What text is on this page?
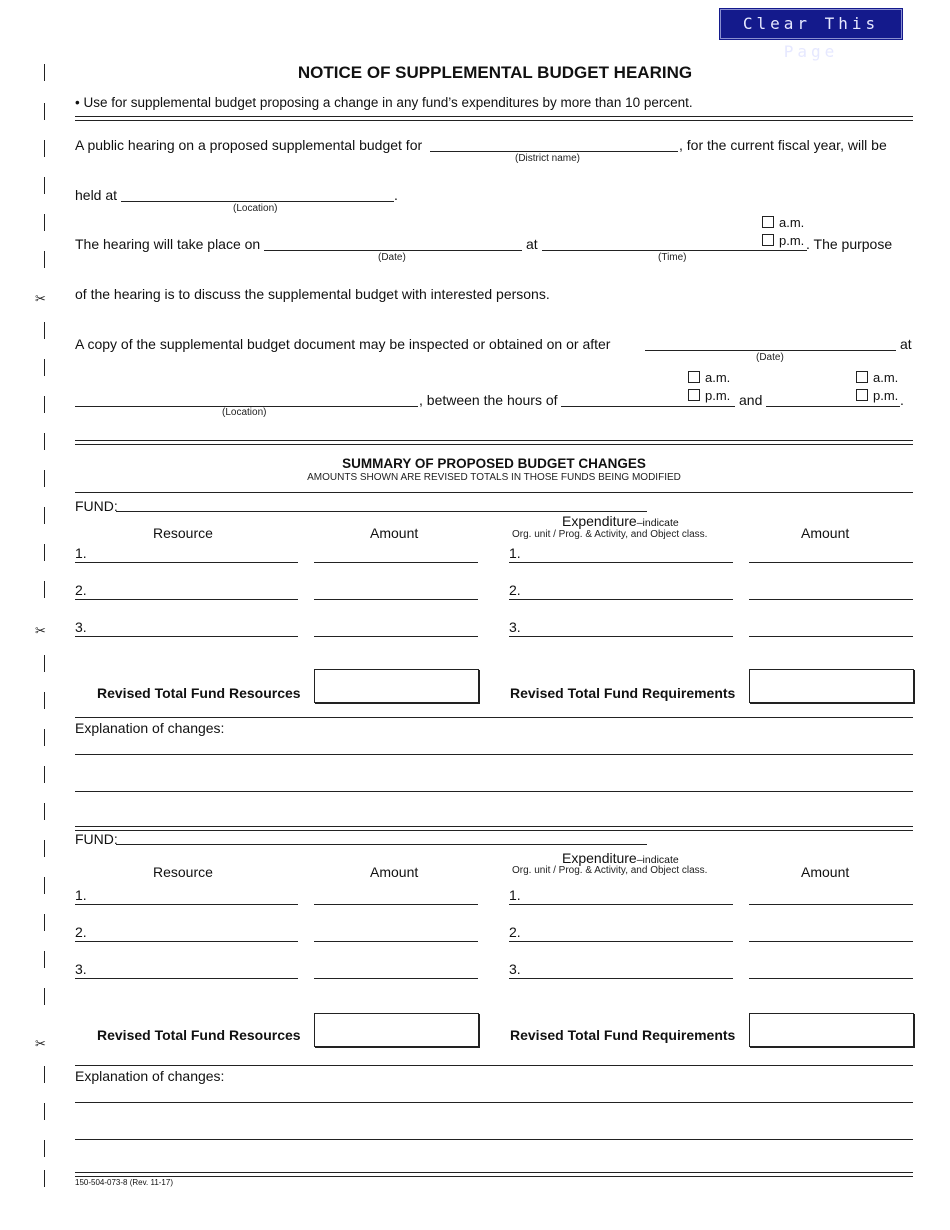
✂
✂
✂
Clear This Page
NOTICE OF SUPPLEMENTAL BUDGET HEARING
• Use for supplemental budget proposing a change in any fund’s expenditures by more than 10 percent.
A public hearing on a proposed supplemental budget for
(District name)
, for the current fiscal year, will be
held at	.
(Location)
a.m.
p.m.
The hearing will take place on
(Date)
at
(Time)
. The purpose
of the hearing is to discuss the supplemental budget with interested persons.
A copy of the supplemental budget document may be inspected or obtained on or after
(Date)
at
a.m.
p.m.
a.m.
p.m.
(Location)
, between the hours of	and	.
SUMMARY OF PROPOSED BUDGET CHANGES
AMOUNTS SHOWN ARE REVISED TOTALS IN THOSE FUNDS BEING MODIFIED
FUND:
Resource	Amount
Expenditure–indicate
Org. unit / Prog. & Activity, and Object class.	Amount
1.	1.
2.	2.
3.	3.
Revised Total Fund Resources	Revised Total Fund Requirements
Explanation of changes:
FUND:
Resource	Amount
Expenditure–indicate
Org. unit / Prog. & Activity, and Object class.	Amount
1.	1.
2.	2.
3.	3.
Revised Total Fund Resources	Revised Total Fund Requirements
Explanation of changes:
150-504-073-8 (Rev. 11-17)
